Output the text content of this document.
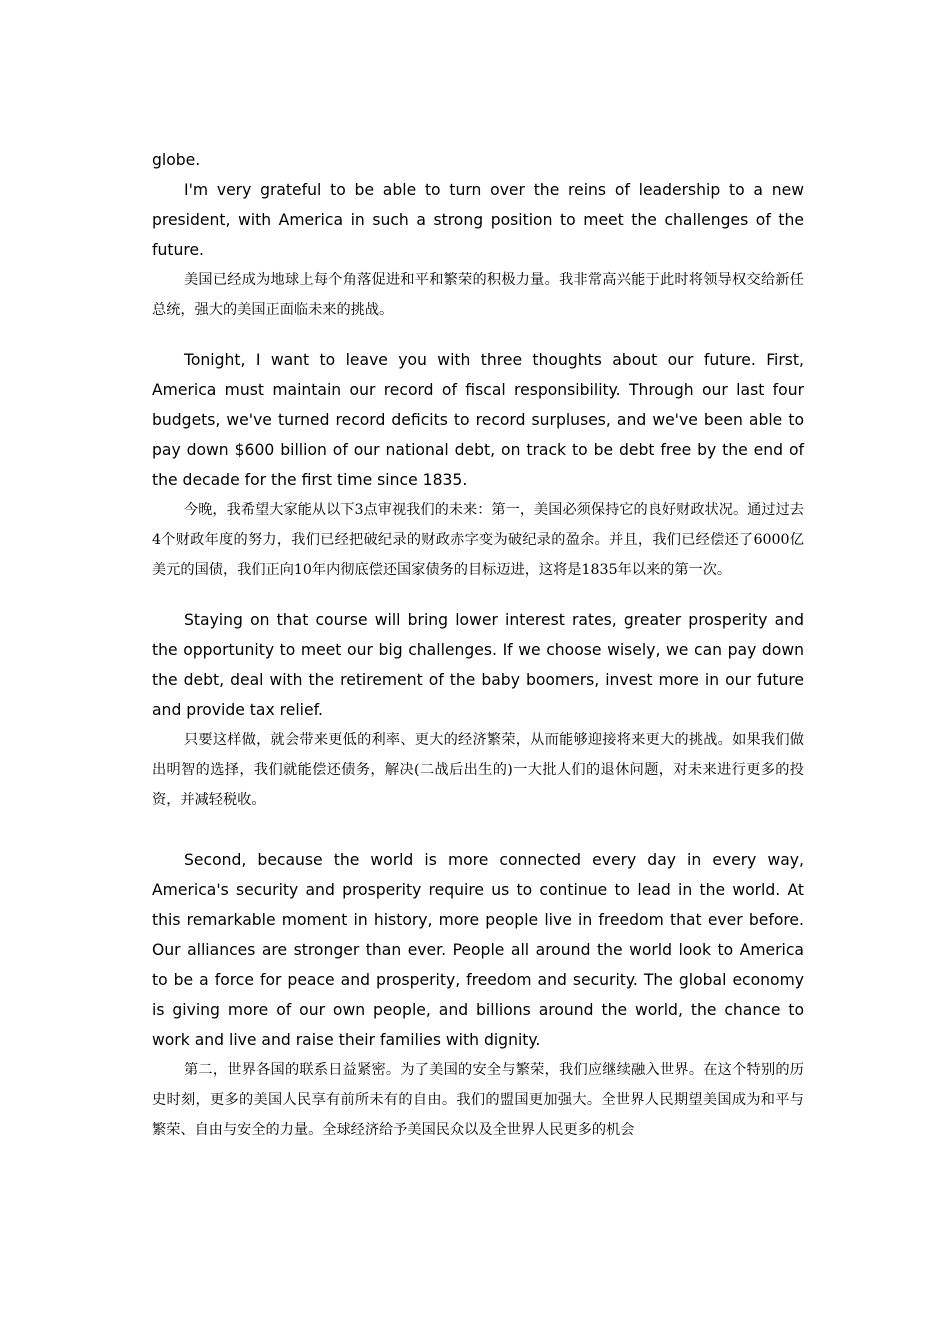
globe.

I'm very grateful to be able to turn over the reins of leadership to a new president, with America in such a strong position to meet the challenges of the future.

美国已经成为地球上每个角落促进和平和繁荣的积极力量。我非常高兴能于此时将领导权交给新任总统，强大的美国正面临未来的挑战。

Tonight, I want to leave you with three thoughts about our future. First, America must maintain our record of fiscal responsibility. Through our last four budgets, we've turned record deficits to record surpluses, and we've been able to pay down $600 billion of our national debt, on track to be debt free by the end of the decade for the first time since 1835.

今晚，我希望大家能从以下3点审视我们的未来：第一，美国必须保持它的良好财政状况。通过过去4个财政年度的努力，我们已经把破纪录的财政赤字变为破纪录的盈余。并且，我们已经偿还了6000亿美元的国债，我们正向10年内彻底偿还国家债务的目标迈进，这将是1835年以来的第一次。

Staying on that course will bring lower interest rates, greater prosperity and the opportunity to meet our big challenges. If we choose wisely, we can pay down the debt, deal with the retirement of the baby boomers, invest more in our future and provide tax relief.

只要这样做，就会带来更低的利率、更大的经济繁荣，从而能够迎接将来更大的挑战。如果我们做出明智的选择，我们就能偿还债务，解决(二战后出生的)一大批人们的退休问题，对未来进行更多的投资，并减轻税收。

Second, because the world is more connected every day in every way, America's security and prosperity require us to continue to lead in the world. At this remarkable moment in history, more people live in freedom that ever before. Our alliances are stronger than ever. People all around the world look to America to be a force for peace and prosperity, freedom and security. The global economy is giving more of our own people, and billions around the world, the chance to work and live and raise their families with dignity.

第二，世界各国的联系日益紧密。为了美国的安全与繁荣，我们应继续融入世界。在这个特别的历史时刻，更多的美国人民享有前所未有的自由。我们的盟国更加强大。全世界人民期望美国成为和平与繁荣、自由与安全的力量。全球经济给予美国民众以及全世界人民更多的机会
